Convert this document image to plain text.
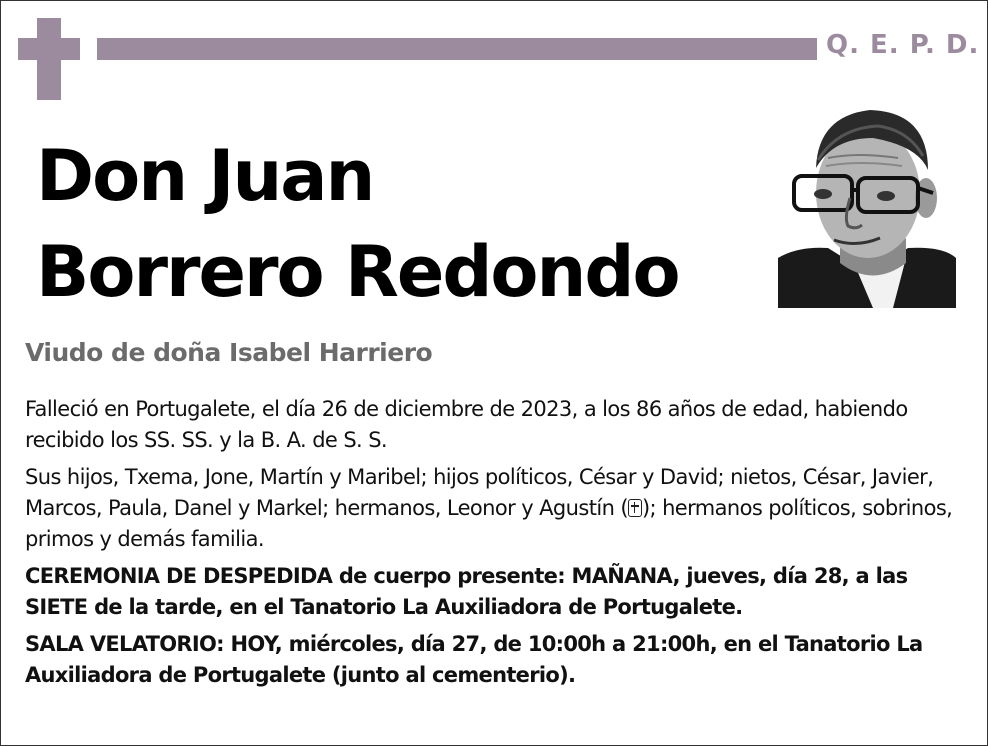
Q. E. P. D.
Don Juan
Borrero Redondo
Viudo de doña Isabel Harriero

Falleció en Portugalete, el día 26 de diciembre de 2023, a los 86 años de edad, habiendo recibido los SS. SS. y la B. A. de S. S.

Sus hijos, Txema, Jone, Martín y Maribel; hijos políticos, César y David; nietos, César, Javier, Marcos, Paula, Danel y Markel; hermanos, Leonor y Agustín ( ); hermanos políticos, sobrinos, primos y demás familia.

CEREMONIA DE DESPEDIDA de cuerpo presente: MAÑANA, jueves, día 28, a las SIETE de la tarde, en el Tanatorio La Auxiliadora de Portugalete.

SALA VELATORIO: HOY, miércoles, día 27, de 10:00h a 21:00h, en el Tanatorio La Auxiliadora de Portugalete (junto al cementerio).
